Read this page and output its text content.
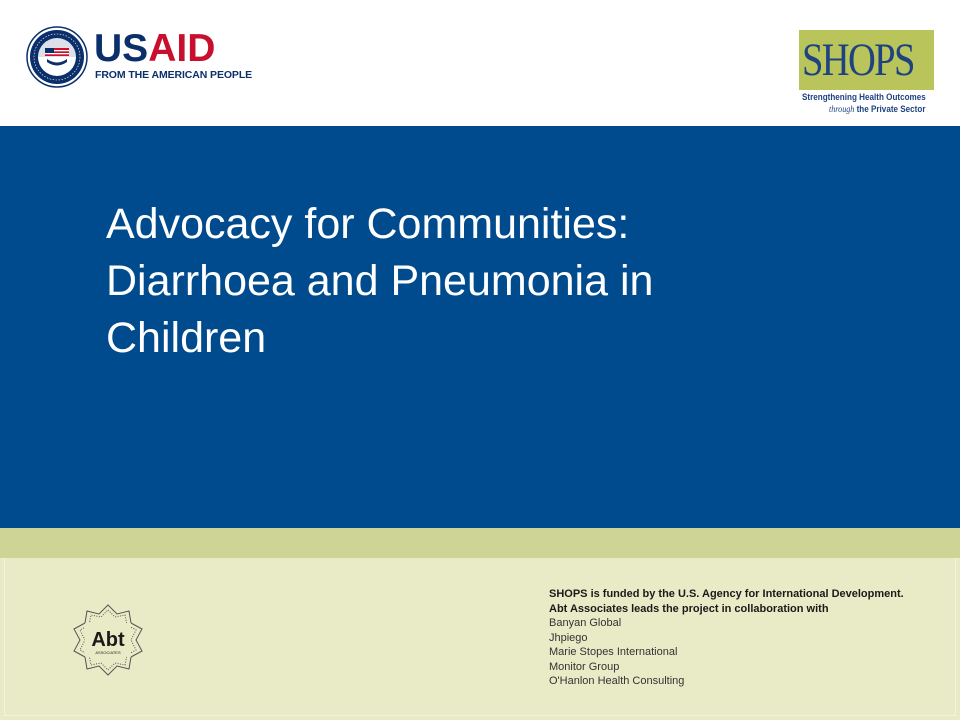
USAID
FROM THE AMERICAN PEOPLE	SHOPS
Strengthening Health Outcomes
through the Private Sector
Advocacy for Communities:
Diarrhoea and Pneumonia in
Children
Abt
ASSOCIATES
SHOPS is funded by the U.S. Agency for International Development.
Abt Associates leads the project in collaboration with
Banyan Global
Jhpiego
Marie Stopes International
Monitor Group
O'Hanlon Health Consulting
